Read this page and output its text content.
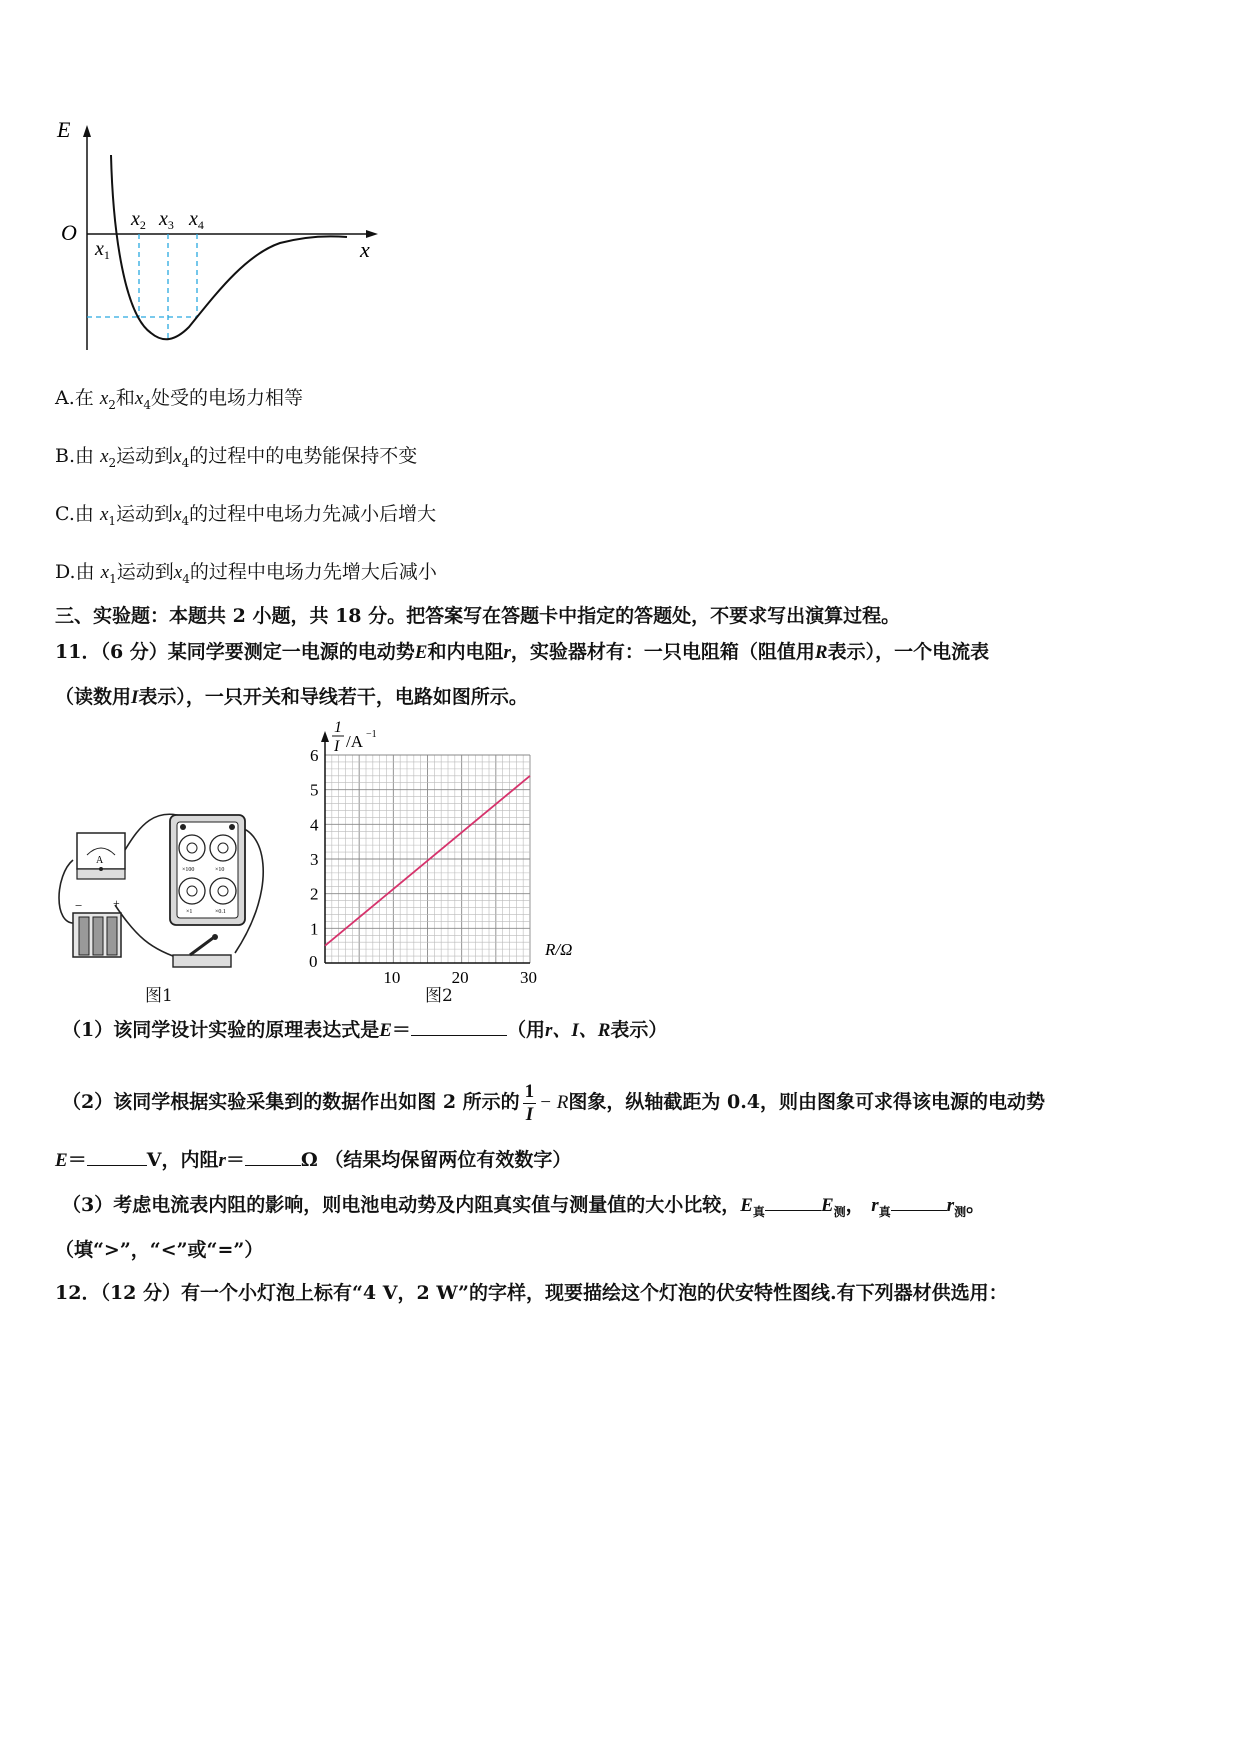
E
O
x
$x_1$
$x_2$ $x_3$ $x_4$
A.在 $x_2$和$x_4$处受的电场力相等
B.由 $x_2$运动到$x_4$的过程中的电势能保持不变
C.由 $x_1$运动到$x_4$的过程中电场力先减小后增大
D.由 $x_1$运动到$x_4$的过程中电场力先增大后减小
三、实验题：本题共 2 小题，共 18 分。把答案写在答题卡中指定的答题处，不要求写出演算过程。
11．（6 分）某同学要测定一电源的电动势E和内电阻r，实验器材有：一只电阻箱（阻值用R表示），一个电流表
（读数用I表示），一只开关和导线若干，电路如图所示。
A
×100	×10
×1	×0.1
−	+
图1
1
2
3
4
5
6
0
10	20	30
1
I /A −1
R/Ω
图2
（1）该同学设计实验的原理表达式是E＝	（用r、I、R表示）
（2）该同学根据实验采集到的数据作出如图 2 所示的 $\frac{1}{I} - R$图象，纵轴截距为 0.4，则由图象可求得该电源的电动势
E＝	V，内阻r＝	Ω （结果均保留两位有效数字）
（3）考虑电流表内阻的影响，则电池电动势及内阻真实值与测量值的大小比较，$E_真$	$E_测$， $r_真$	$r_测$。
（填“>”，“<”或“=”）
12．（12 分）有一个小灯泡上标有“4 V，2 W”的字样，现要描绘这个灯泡的伏安特性图线.有下列器材供选用：
